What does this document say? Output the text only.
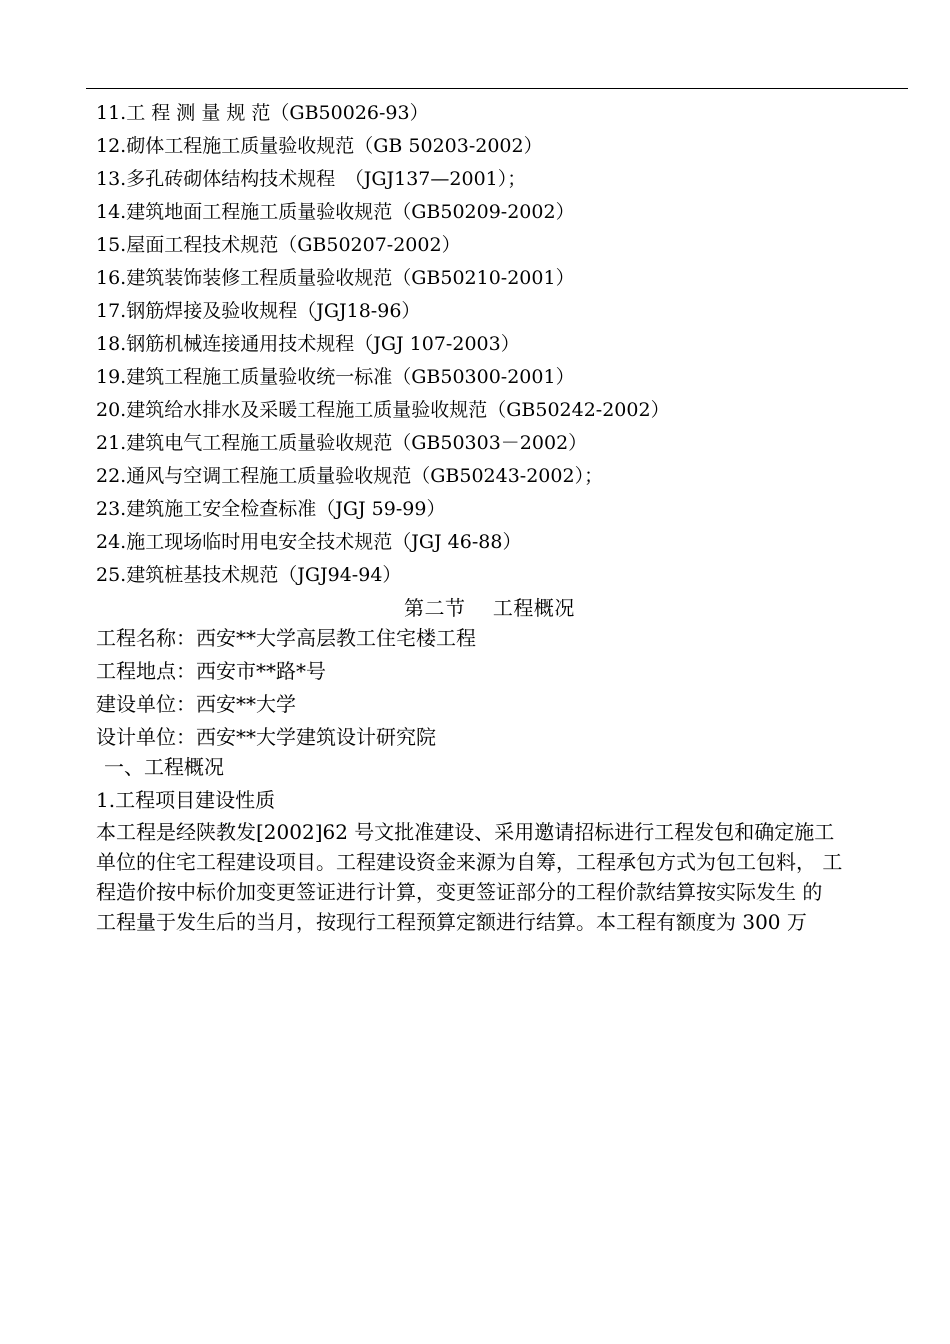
11.工 程 测 量 规 范（GB50026-93）
12.砌体工程施工质量验收规范（GB 50203-2002）
13.多孔砖砌体结构技术规程　（JGJ137—2001）；
14.建筑地面工程施工质量验收规范（GB50209-2002）
15.屋面工程技术规范（GB50207-2002）
16.建筑装饰装修工程质量验收规范（GB50210-2001）
17.钢筋焊接及验收规程（JGJ18-96）
18.钢筋机械连接通用技术规程（JGJ 107-2003）
19.建筑工程施工质量验收统一标准（GB50300-2001）
20.建筑给水排水及采暖工程施工质量验收规范（GB50242-2002）
21.建筑电气工程施工质量验收规范（GB50303－2002）
22.通风与空调工程施工质量验收规范（GB50243-2002）；
23.建筑施工安全检查标准（JGJ 59-99）
24.施工现场临时用电安全技术规范（JGJ 46-88）
25.建筑桩基技术规范（JGJ94-94）
第二节　 工程概况
工程名称：西安**大学高层教工住宅楼工程
工程地点：西安市**路*号
建设单位：西安**大学
设计单位：西安**大学建筑设计研究院
一、工程概况
1.工程项目建设性质
本工程是经陕教发[2002]62 号文批准建设、采用邀请招标进行工程发包和确定施工
单位的住宅工程建设项目。工程建设资金来源为自筹，工程承包方式为包工包料， 工
程造价按中标价加变更签证进行计算，变更签证部分的工程价款结算按实际发生 的
工程量于发生后的当月，按现行工程预算定额进行结算。本工程有额度为 300 万
